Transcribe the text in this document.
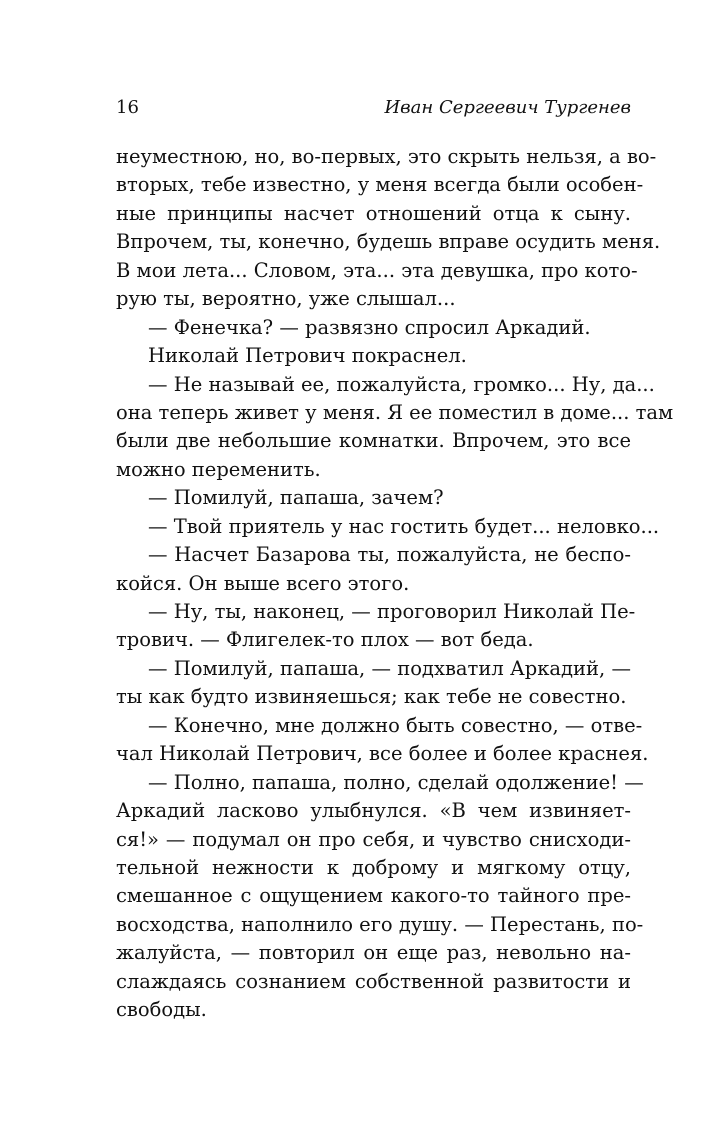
16	Иван Сергеевич Тургенев
неуместною, но, во-первых, это скрыть нельзя, а во-
вторых, тебе известно, у меня всегда были особен-
ные принципы насчет отношений отца к сыну.
Впрочем, ты, конечно, будешь вправе осудить меня.
В мои лета... Словом, эта... эта девушка, про кото-
рую ты, вероятно, уже слышал...
— Фенечка? — развязно спросил Аркадий.
Николай Петрович покраснел.
— Не называй ее, пожалуйста, громко... Ну, да...
она теперь живет у меня. Я ее поместил в доме... там
были две небольшие комнатки. Впрочем, это все
можно переменить.
— Помилуй, папаша, зачем?
— Твой приятель у нас гостить будет... неловко...
— Насчет Базарова ты, пожалуйста, не беспо-
койся. Он выше всего этого.
— Ну, ты, наконец, — проговорил Николай Пе-
трович. — Флигелек-то плох — вот беда.
— Помилуй, папаша, — подхватил Аркадий, —
ты как будто извиняешься; как тебе не совестно.
— Конечно, мне должно быть совестно, — отве-
чал Николай Петрович, все более и более краснея.
— Полно, папаша, полно, сделай одолжение! —
Аркадий ласково улыбнулся. «В чем извиняет-
ся!» — подумал он про себя, и чувство снисходи-
тельной нежности к доброму и мягкому отцу,
смешанное с ощущением какого-то тайного пре-
восходства, наполнило его душу. — Перестань, по-
жалуйста, — повторил он еще раз, невольно на-
слаждаясь сознанием собственной развитости и
свободы.
